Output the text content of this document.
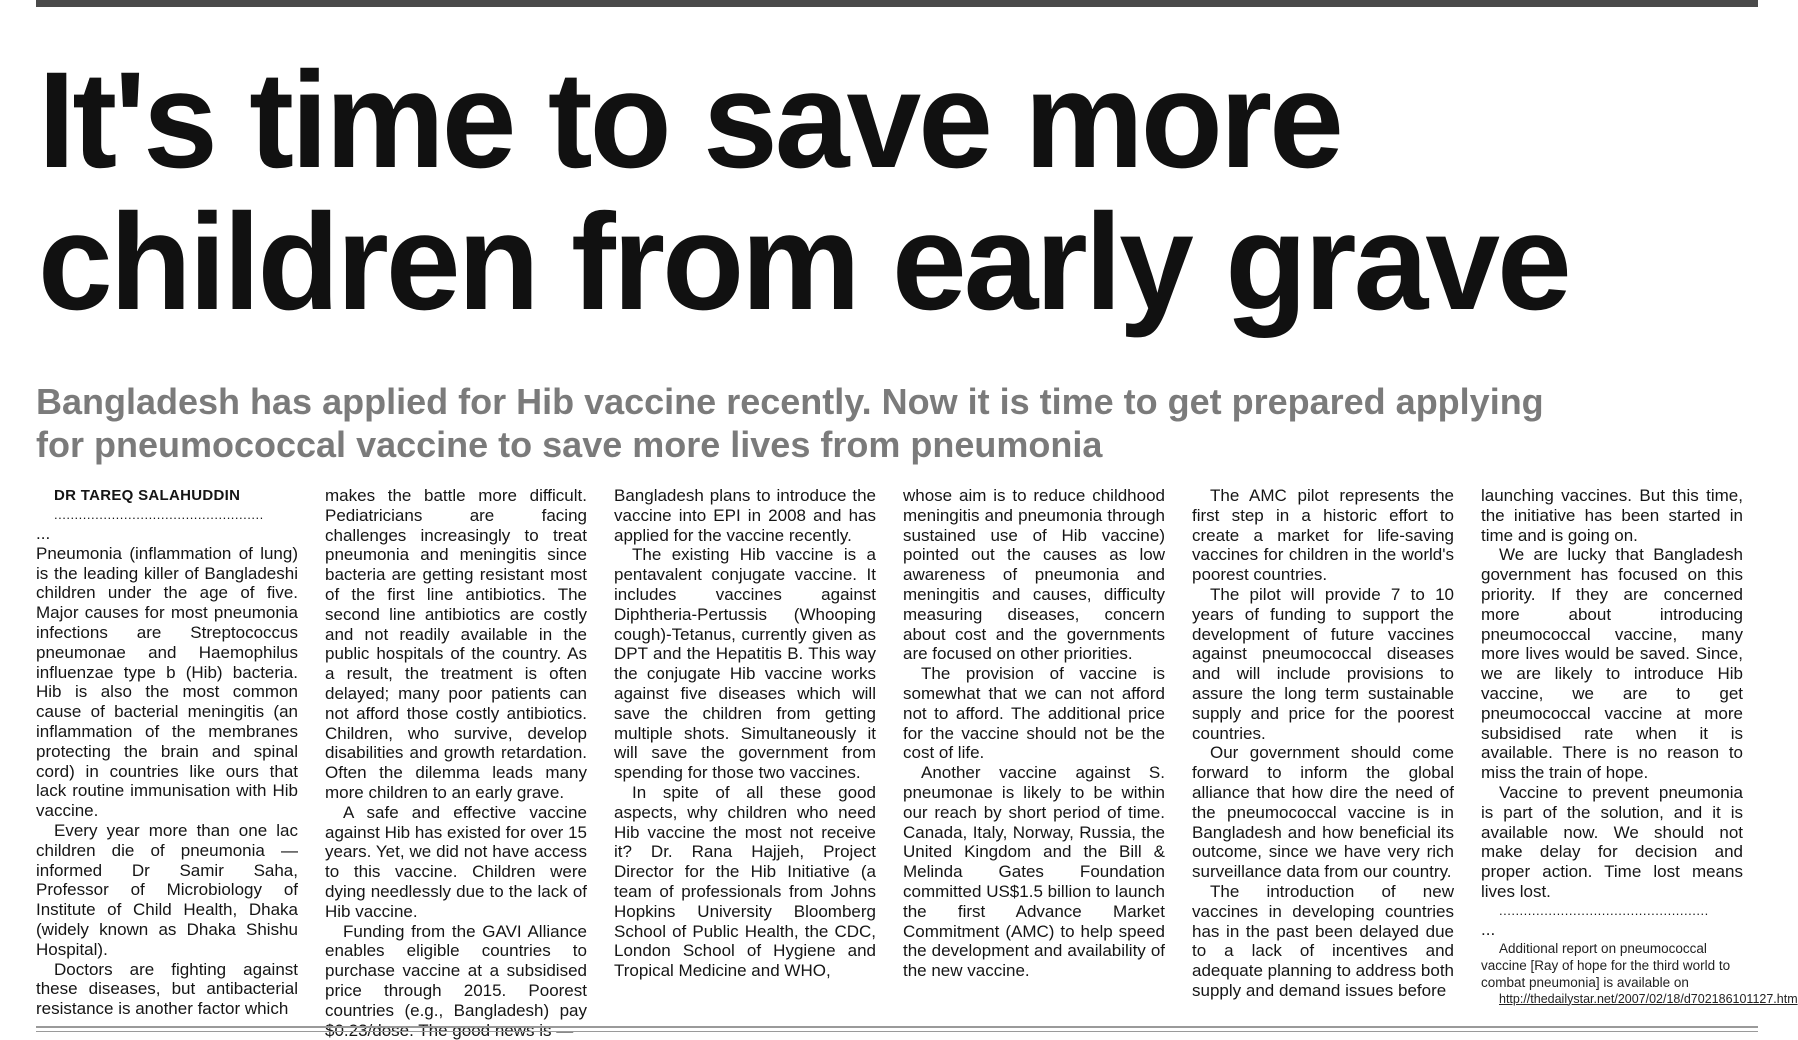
It's time to save more
children from early grave
Bangladesh has applied for Hib vaccine recently. Now it is time to get prepared applying
for pneumococcal vaccine to save more lives from pneumonia

DR TAREQ SALAHUDDIN

...................................................

...

Pneumonia (inflammation of lung) is the leading killer of Bangladeshi children under the age of five. Major causes for most pneumonia infections are Streptococcus pneumonae and Haemophilus influenzae type b (Hib) bacteria. Hib is also the most common cause of bacterial meningitis (an inflammation of the membranes protecting the brain and spinal cord) in countries like ours that lack routine immunisation with Hib vaccine.

Every year more than one lac children die of pneumonia — informed Dr Samir Saha, Professor of Microbiology of Institute of Child Health, Dhaka (widely known as Dhaka Shishu Hospital).

Doctors are fighting against these diseases, but antibacterial resistance is another factor which

makes the battle more difficult. Pediatricians are facing challenges increasingly to treat pneumonia and meningitis since bacteria are getting resistant most of the first line antibiotics. The second line antibiotics are costly and not readily available in the public hospitals of the country. As a result, the treatment is often delayed; many poor patients can not afford those costly antibiotics. Children, who survive, develop disabilities and growth retardation. Often the dilemma leads many more children to an early grave.

A safe and effective vaccine against Hib has existed for over 15 years. Yet, we did not have access to this vaccine. Children were dying needlessly due to the lack of Hib vaccine.

Funding from the GAVI Alliance enables eligible countries to purchase vaccine at a subsidised price through 2015. Poorest countries (e.g., Bangladesh) pay

Bangladesh plans to introduce the vaccine into EPI in 2008 and has applied for the vaccine recently.

The existing Hib vaccine is a pentavalent conjugate vaccine. It includes vaccines against Diphtheria-Pertussis (Whooping cough)-Tetanus, currently given as DPT and the Hepatitis B. This way the conjugate Hib vaccine works against five diseases which will save the children from getting multiple shots. Simultaneously it will save the government from spending for those two vaccines.

In spite of all these good aspects, why children who need Hib vaccine the most not receive it? Dr. Rana Hajjeh, Project Director for the Hib Initiative (a team of professionals from Johns Hopkins University Bloomberg School of Public Health, the CDC, London School of Hygiene and Tropical Medicine and WHO,

whose aim is to reduce childhood meningitis and pneumonia through sustained use of Hib vaccine) pointed out the causes as low awareness of pneumonia and meningitis and causes, difficulty measuring diseases, concern about cost and the governments are focused on other priorities.

The provision of vaccine is somewhat that we can not afford not to afford. The additional price for the vaccine should not be the cost of life.

Another vaccine against S. pneumonae is likely to be within our reach by short period of time. Canada, Italy, Norway, Russia, the United Kingdom and the Bill & Melinda Gates Foundation committed US$1.5 billion to launch the first Advance Market Commitment (AMC) to help speed the development and availability of the new vaccine.

The AMC pilot represents the first step in a historic effort to create a market for life-saving vaccines for children in the world's poorest countries.

The pilot will provide 7 to 10 years of funding to support the development of future vaccines against pneumococcal diseases and will include provisions to assure the long term sustainable supply and price for the poorest countries.

Our government should come forward to inform the global alliance that how dire the need of the pneumococcal vaccine is in Bangladesh and how beneficial its outcome, since we have very rich surveillance data from our country.

The introduction of new vaccines in developing countries has in the past been delayed due to a lack of incentives and adequate planning to address both supply and demand issues before

launching vaccines. But this time, the initiative has been started in time and is going on.

We are lucky that Bangladesh government has focused on this priority. If they are concerned more about introducing pneumococcal vaccine, many more lives would be saved. Since, we are likely to introduce Hib vaccine, we are to get pneumococcal vaccine at more subsidised rate when it is available. There is no reason to miss the train of hope.

Vaccine to prevent pneumonia is part of the solution, and it is available now. We should not make delay for decision and proper action. Time lost means lives lost.

...................................................

...

Additional report on pneumococcal vaccine [Ray of hope for the third world to combat pneumonia] is available on

http://thedailystar.net/2007/02/18/d702186101127.htm
